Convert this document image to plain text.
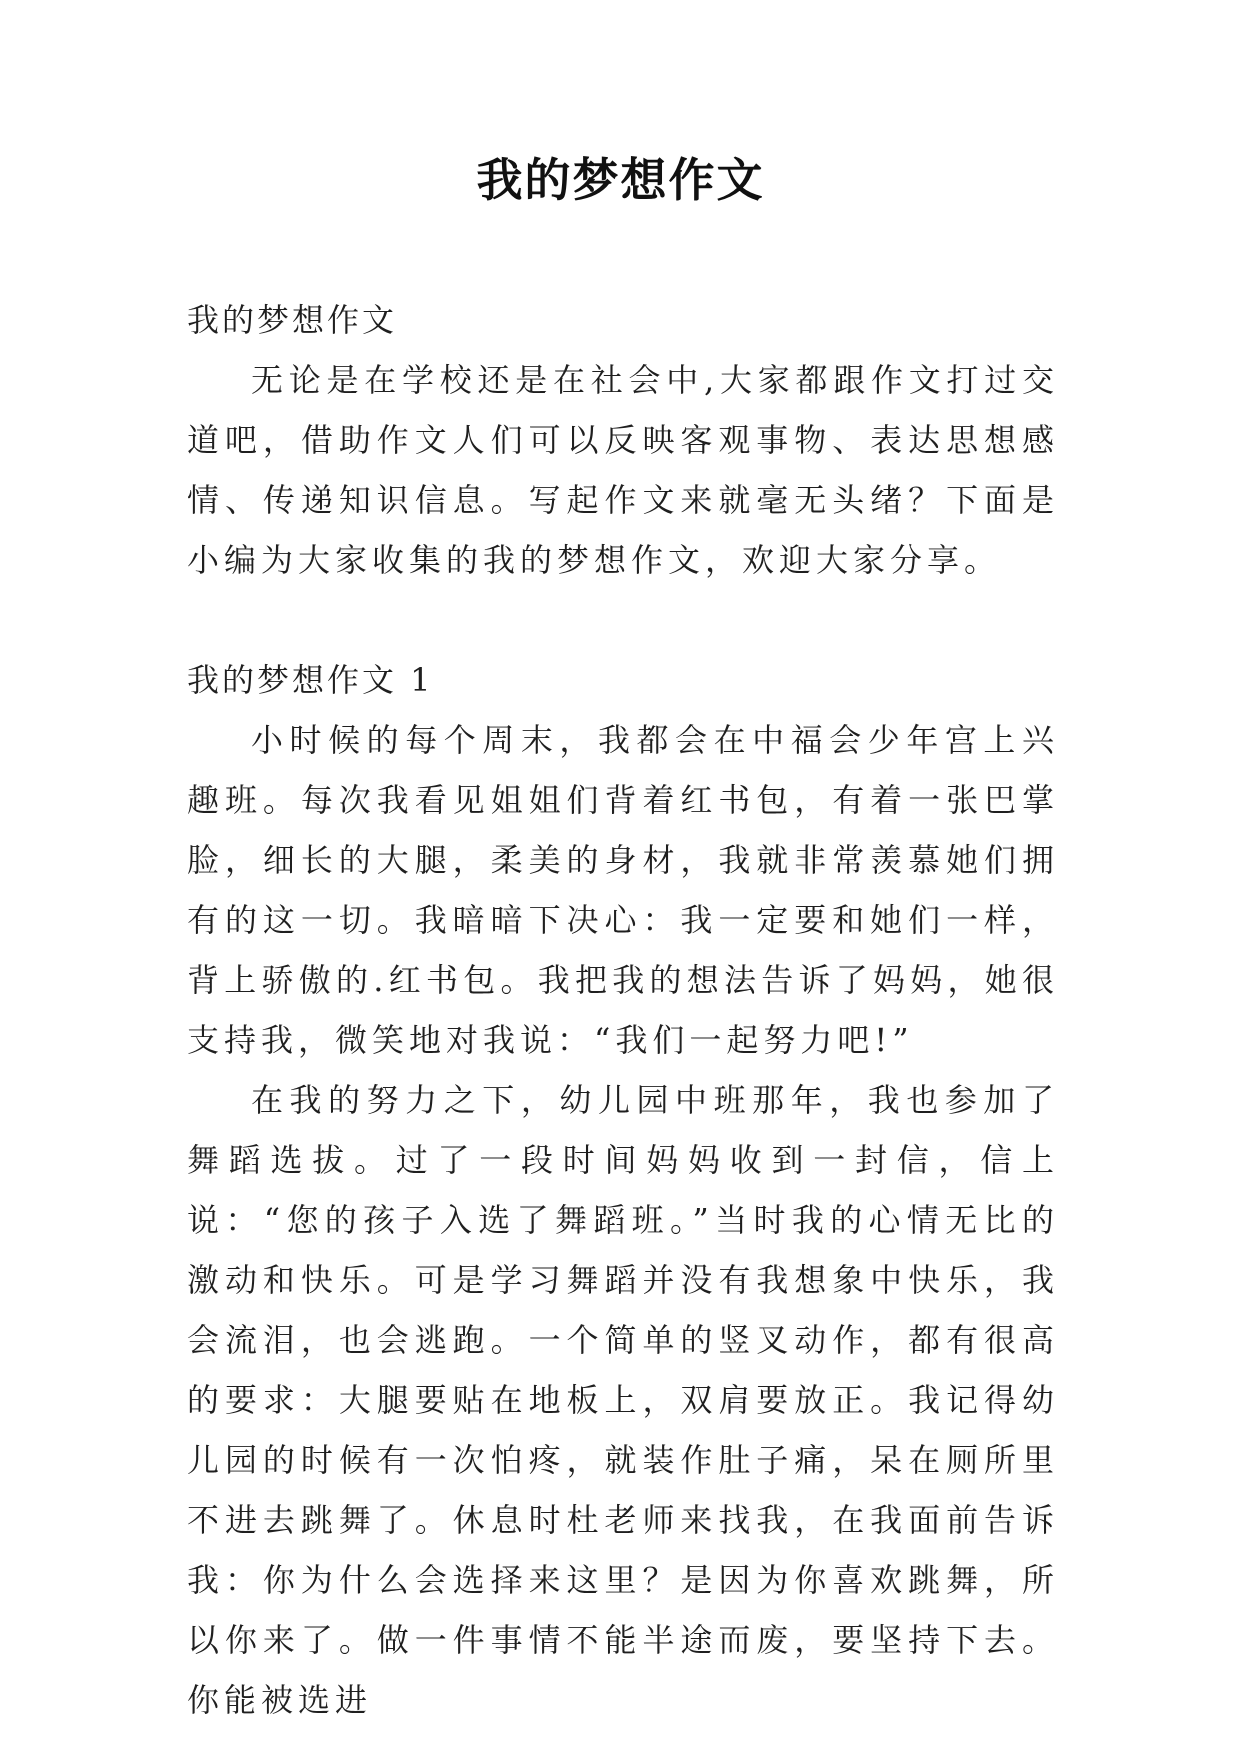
我的梦想作文

我的梦想作文

无论是在学校还是在社会中,大家都跟作文打过交道吧，借助作文人们可以反映客观事物、表达思想感情、传递知识信息。写起作文来就毫无头绪？下面是小编为大家收集的我的梦想作文，欢迎大家分享。

我的梦想作文 1

小时候的每个周末，我都会在中福会少年宫上兴趣班。每次我看见姐姐们背着红书包，有着一张巴掌脸，细长的大腿，柔美的身材，我就非常羡慕她们拥有的这一切。我暗暗下决心：我一定要和她们一样，背上骄傲的.红书包。我把我的想法告诉了妈妈，她很支持我，微笑地对我说：“我们一起努力吧!”

在我的努力之下，幼儿园中班那年，我也参加了舞蹈选拔。过了一段时间妈妈收到一封信，信上说：“您的孩子入选了舞蹈班。”当时我的心情无比的激动和快乐。可是学习舞蹈并没有我想象中快乐，我会流泪，也会逃跑。一个简单的竖叉动作，都有很高的要求：大腿要贴在地板上，双肩要放正。我记得幼儿园的时候有一次怕疼，就装作肚子痛，呆在厕所里不进去跳舞了。休息时杜老师来找我，在我面前告诉我：你为什么会选择来这里？是因为你喜欢跳舞，所以你来了。做一件事情不能半途而废，要坚持下去。你能被选进
